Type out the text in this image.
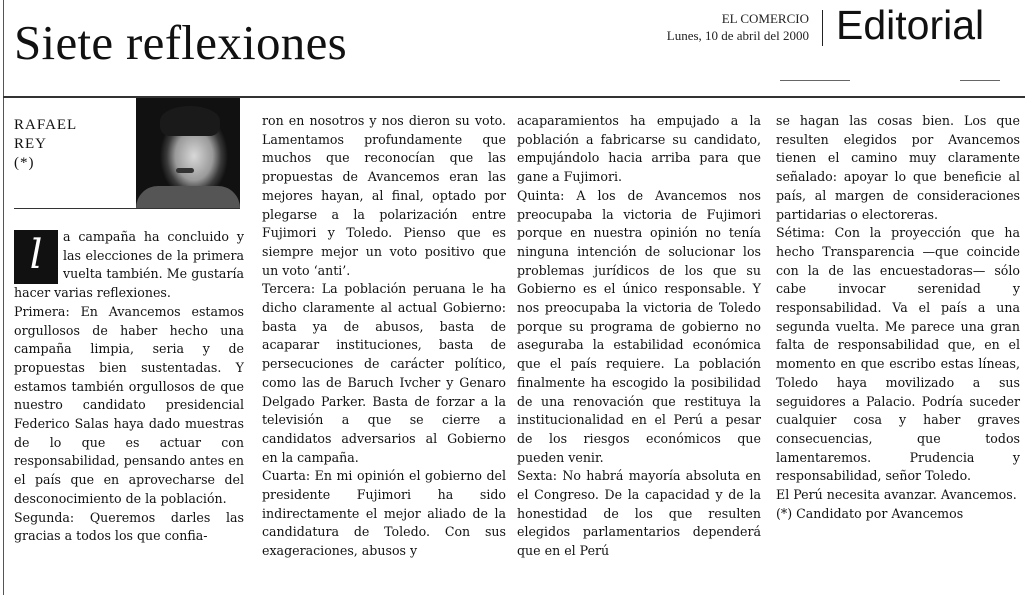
Siete reflexiones	EL COMERCIO
Lunes, 10 de abril del 2000 Editorial
RAFAEL
REY
(*)

l	a campaña ha concluido y las elecciones de la primera vuelta también. Me gustaría hacer varias reflexiones.

Primera: En Avancemos estamos orgullosos de haber hecho una campaña limpia, seria y de propuestas bien sustentadas. Y estamos también orgullosos de que nuestro candidato presidencial Federico Salas haya dado muestras de lo que es actuar con responsabilidad, pensando antes en el país que en aprovecharse del desconocimiento de la población.

Segunda: Queremos darles las gracias a todos los que confia-

ron en nosotros y nos dieron su voto. Lamentamos profundamente que muchos que reconocían que las propuestas de Avancemos eran las mejores hayan, al final, optado por plegarse a la polarización entre Fujimori y Toledo. Pienso que es siempre mejor un voto positivo que un voto ‘anti’.

Tercera: La población peruana le ha dicho claramente al actual Gobierno: basta ya de abusos, basta de acaparar instituciones, basta de persecuciones de carácter político, como las de Baruch Ivcher y Genaro Delgado Parker. Basta de forzar a la televisión a que se cierre a candidatos adversarios al Gobierno en la campaña.

Cuarta: En mi opinión el gobierno del presidente Fujimori ha sido indirectamente el mejor aliado de la candidatura de Toledo. Con sus exageraciones, abusos y

acaparamientos ha empujado a la población a fabricarse su candidato, empujándolo hacia arriba para que gane a Fujimori.

Quinta: A los de Avancemos nos preocupaba la victoria de Fujimori porque en nuestra opinión no tenía ninguna intención de solucionar los problemas jurídicos de los que su Gobierno es el único responsable. Y nos preocupaba la victoria de Toledo porque su programa de gobierno no aseguraba la estabilidad económica que el país requiere. La población finalmente ha escogido la posibilidad de una renovación que restituya la institucionalidad en el Perú a pesar de los riesgos económicos que pueden venir.

Sexta: No habrá mayoría absoluta en el Congreso. De la capacidad y de la honestidad de los que resulten elegidos parlamentarios dependerá que en el Perú

se hagan las cosas bien. Los que resulten elegidos por Avancemos tienen el camino muy claramente señalado: apoyar lo que beneficie al país, al margen de consideraciones partidarias o electoreras.

Sétima: Con la proyección que ha hecho Transparencia —que coincide con la de las encuestadoras— sólo cabe invocar serenidad y responsabilidad. Va el país a una segunda vuelta. Me parece una gran falta de responsabilidad que, en el momento en que escribo estas líneas, Toledo haya movilizado a sus seguidores a Palacio. Podría suceder cualquier cosa y haber graves consecuencias, que todos lamentaremos. Prudencia y responsabilidad, señor Toledo.

El Perú necesita avanzar. Avancemos.

(*) Candidato por Avancemos
